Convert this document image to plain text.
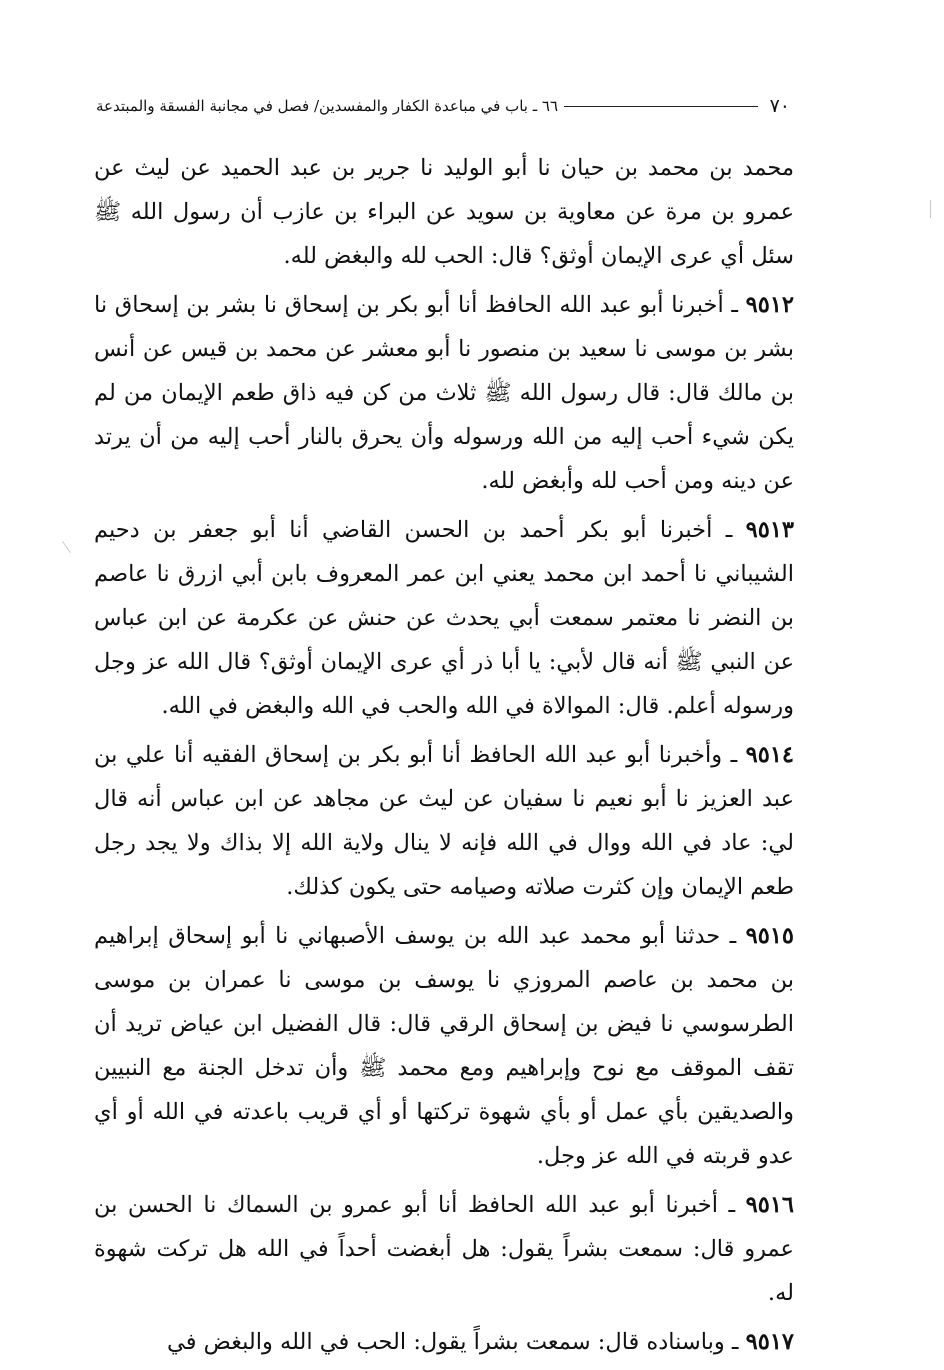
٧٠
٦٦ ـ باب في مباعدة الكفار والمفسدين/ فصل في مجانبة الفسقة والمبتدعة

محمد بن محمد بن حيان نا أبو الوليد نا جرير بن عبد الحميد عن ليث عن عمرو بن مرة عن معاوية بن سويد عن البراء بن عازب أن رسول الله ﷺ سئل أي عرى الإيمان أوثق؟ قال: الحب لله والبغض لله.

٩٥١٢ ـ أخبرنا أبو عبد الله الحافظ أنا أبو بكر بن إسحاق نا بشر بن إسحاق نا بشر بن موسى نا سعيد بن منصور نا أبو معشر عن محمد بن قيس عن أنس بن مالك قال: قال رسول الله ﷺ ثلاث من كن فيه ذاق طعم الإيمان من لم يكن شيء أحب إليه من الله ورسوله وأن يحرق بالنار أحب إليه من أن يرتد عن دينه ومن أحب لله وأبغض لله.

٩٥١٣ ـ أخبرنا أبو بكر أحمد بن الحسن القاضي أنا أبو جعفر بن دحيم الشيباني نا أحمد ابن محمد يعني ابن عمر المعروف بابن أبي ازرق نا عاصم بن النضر نا معتمر سمعت أبي يحدث عن حنش عن عكرمة عن ابن عباس عن النبي ﷺ أنه قال لأبي: يا أبا ذر أي عرى الإيمان أوثق؟ قال الله عز وجل ورسوله أعلم. قال: الموالاة في الله والحب في الله والبغض في الله.

٩٥١٤ ـ وأخبرنا أبو عبد الله الحافظ أنا أبو بكر بن إسحاق الفقيه أنا علي بن عبد العزيز نا أبو نعيم نا سفيان عن ليث عن مجاهد عن ابن عباس أنه قال لي: عاد في الله ووال في الله فإنه لا ينال ولاية الله إلا بذاك ولا يجد رجل طعم الإيمان وإن كثرت صلاته وصيامه حتى يكون كذلك.

٩٥١٥ ـ حدثنا أبو محمد عبد الله بن يوسف الأصبهاني نا أبو إسحاق إبراهيم بن محمد بن عاصم المروزي نا يوسف بن موسى نا عمران بن موسى الطرسوسي نا فيض بن إسحاق الرقي قال: قال الفضيل ابن عياض تريد أن تقف الموقف مع نوح وإبراهيم ومع محمد ﷺ وأن تدخل الجنة مع النبيين والصديقين بأي عمل أو بأي شهوة تركتها أو أي قريب باعدته في الله أو أي عدو قربته في الله عز وجل.

٩٥١٦ ـ أخبرنا أبو عبد الله الحافظ أنا أبو عمرو بن السماك نا الحسن بن عمرو قال: سمعت بشراً يقول: هل أبغضت أحداً في الله هل تركت شهوة له.

٩٥١٧ ـ وباسناده قال: سمعت بشراً يقول: الحب في الله والبغض في
